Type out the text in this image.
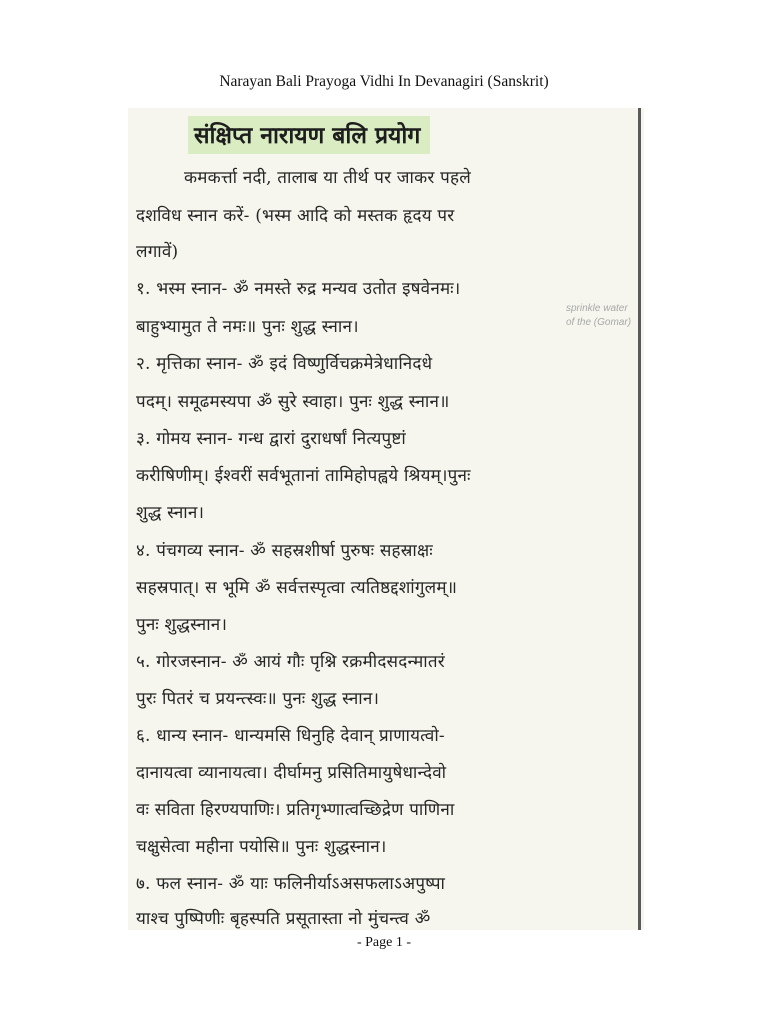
Narayan Bali Prayoga Vidhi In Devanagiri (Sanskrit)
संक्षिप्त नारायण बलि प्रयोग
कमकर्त्ता नदी, तालाब या तीर्थ पर जाकर पहले
दशविध स्नान करें- (भस्म आदि को मस्तक हृदय पर
लगावें)
१. भस्म स्नान- ॐ नमस्ते रुद्र मन्यव उतोत इषवेनमः।
बाहुभ्यामुत ते नमः॥ पुनः शुद्ध स्नान।
२. मृत्तिका स्नान- ॐ इदं विष्णुर्विचक्रमेत्रेधानिदधे
पदम्। समूढमस्यपा ॐ सुरे स्वाहा। पुनः शुद्ध स्नान॥
३. गोमय स्नान- गन्ध द्वारां दुराधर्षां नित्यपुष्टां
करीषिणीम्। ईश्वरीं सर्वभूतानां तामिहोपह्वये श्रियम्।पुनः
शुद्ध स्नान।
४. पंचगव्य स्नान- ॐ सहस्रशीर्षा पुरुषः सहस्राक्षः
सहस्रपात्। स भूमि ॐ सर्वत्तस्पृत्वा त्यतिष्ठद्दशांगुलम्॥
पुनः शुद्धस्नान।
५. गोरजस्नान- ॐ आयं गौः पृश्नि रक्रमीदसदन्मातरं
पुरः पितरं च प्रयन्त्स्वः॥ पुनः शुद्ध स्नान।
६. धान्य स्नान- धान्यमसि धिनुहि देवान् प्राणायत्वो-
दानायत्वा व्यानायत्वा। दीर्घामनु प्रसितिमायुषेधान्देवो
वः सविता हिरण्यपाणिः। प्रतिगृभ्णात्वच्छिद्रेण पाणिना
चक्षुसेत्वा महीना पयोसि॥ पुनः शुद्धस्नान।
७. फल स्नान- ॐ याः फलिनीर्याऽअसफलाऽअपुष्पा
याश्च पुष्पिणीः बृहस्पति प्रसूतास्ता नो मुंचन्त्व ॐ
sprinkle water
of the (Gomar)
- Page 1 -
